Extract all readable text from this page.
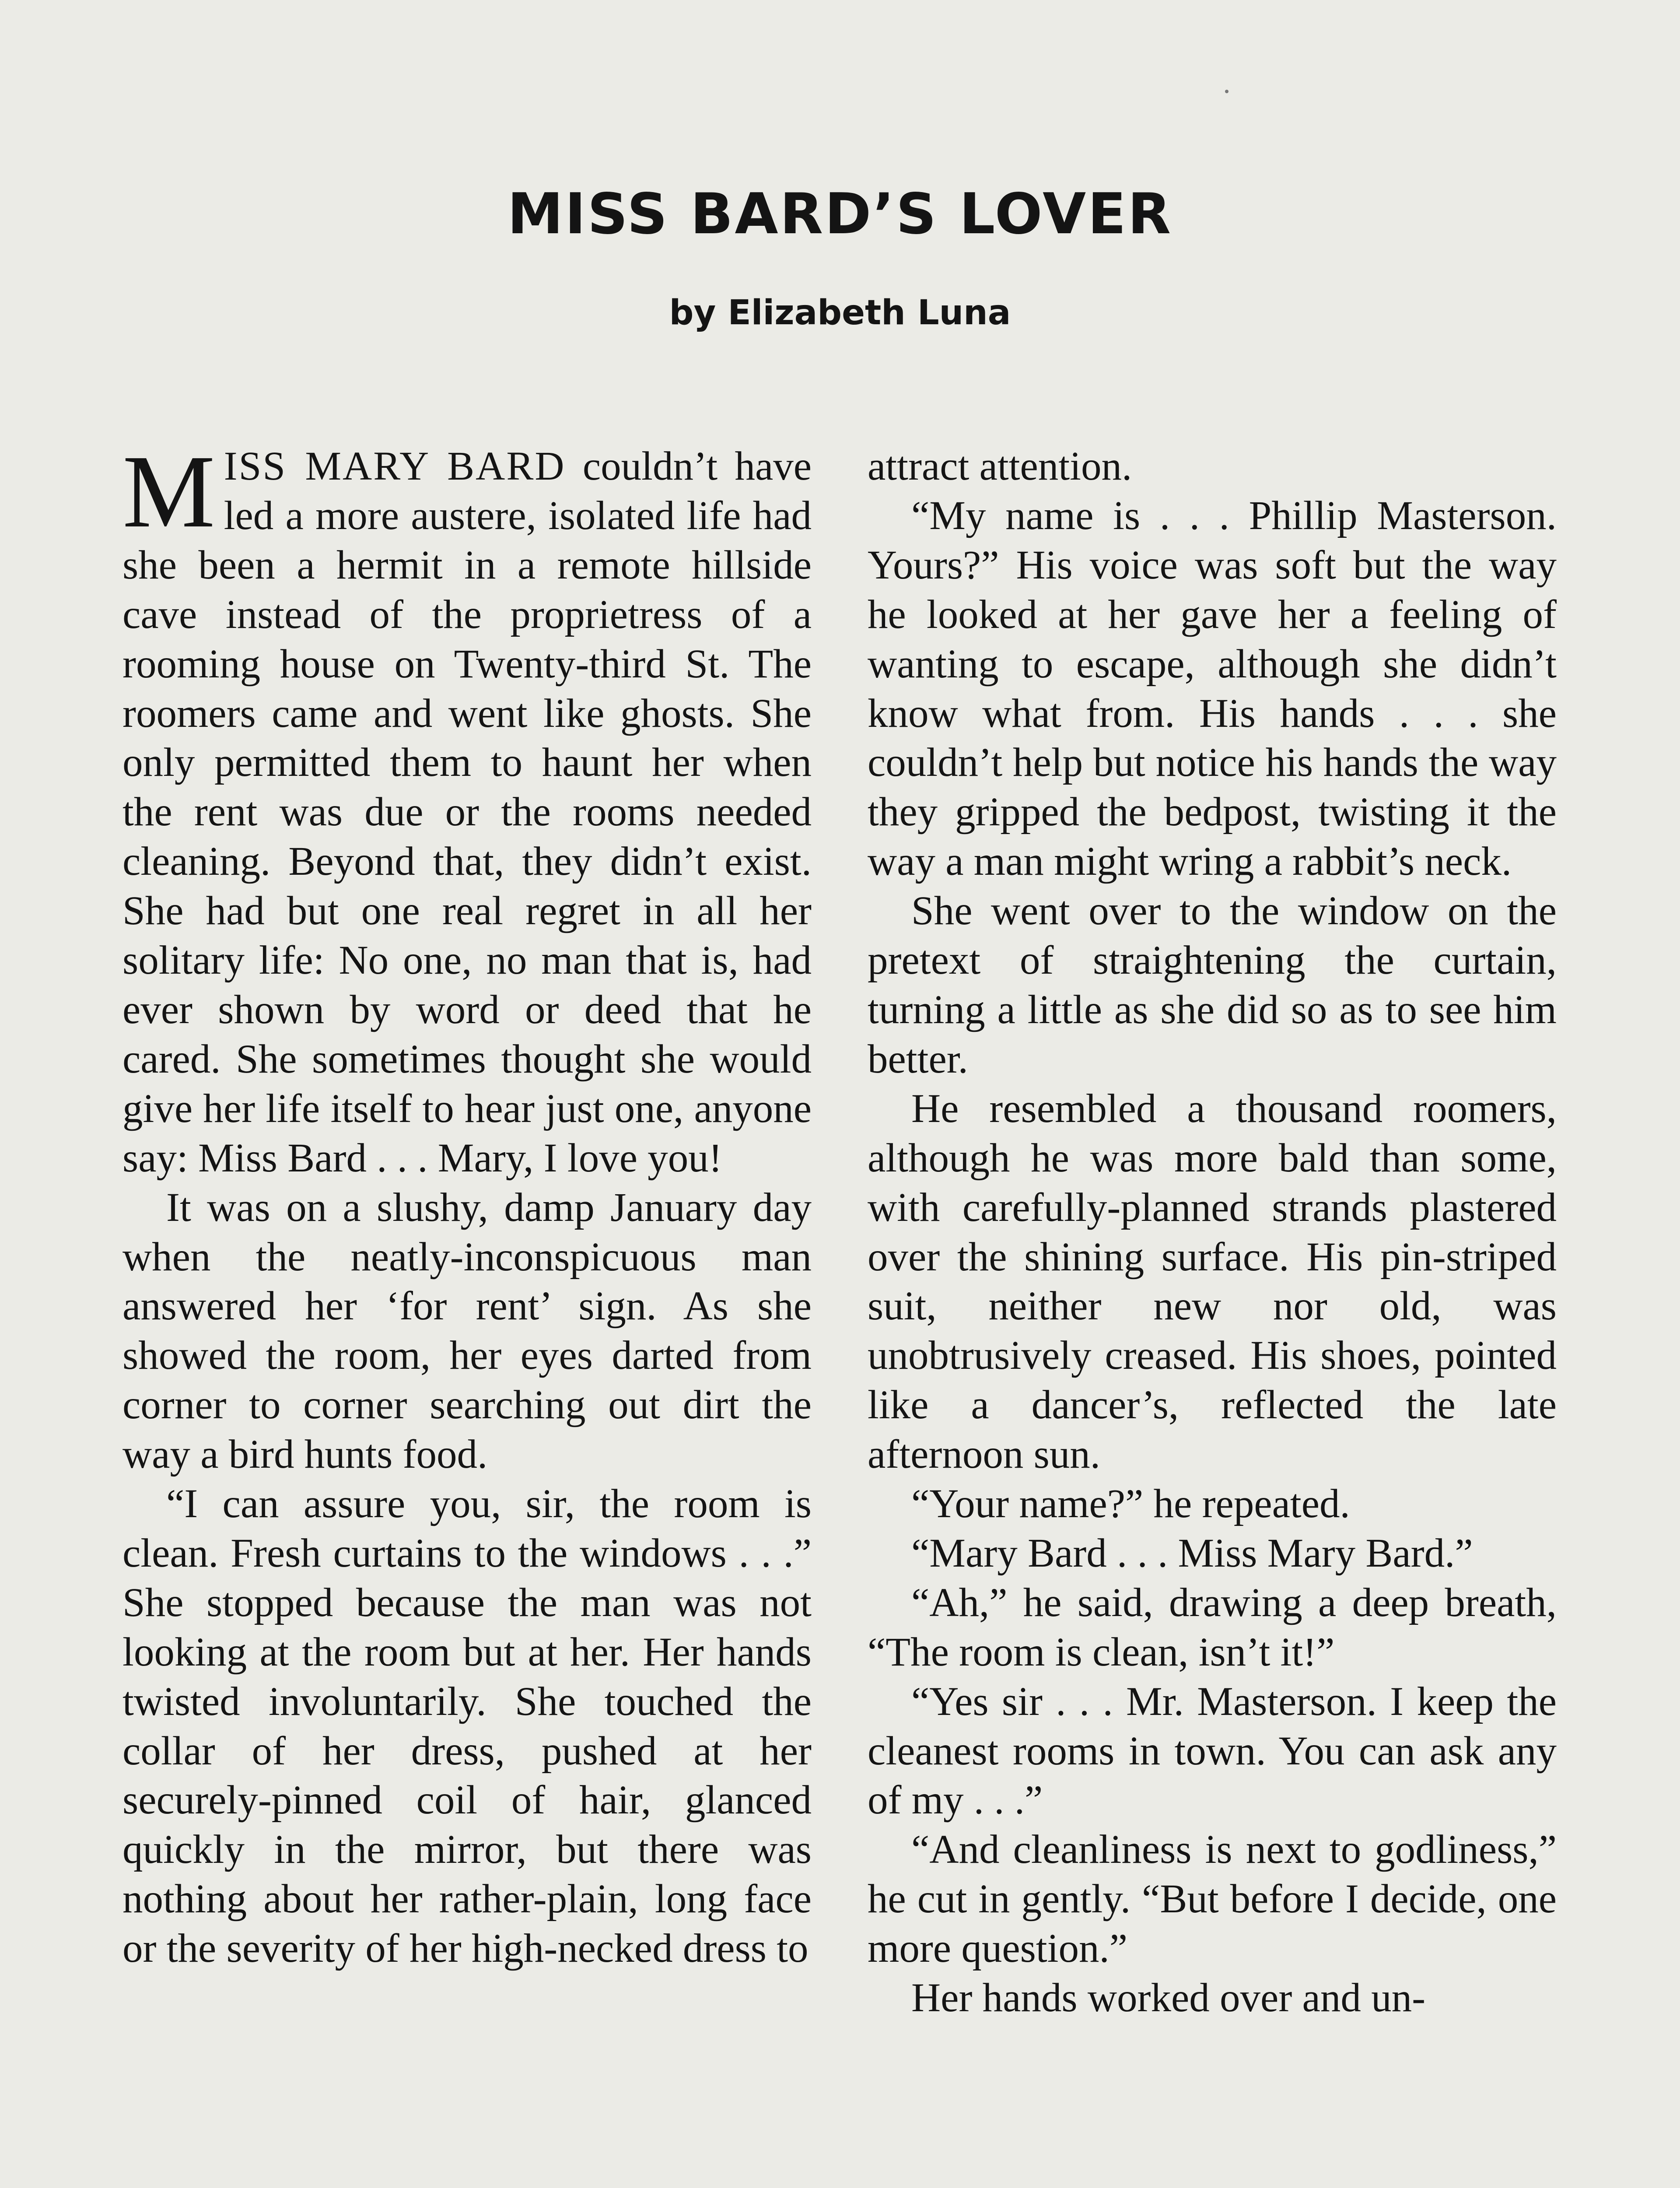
MISS BARD’S LOVER
by Elizabeth Luna

MISS MARY BARD couldn’t have led a more austere, isolated life had she been a hermit in a remote hillside cave instead of the proprietress of a rooming house on Twenty-third St. The roomers came and went like ghosts. She only permitted them to haunt her when the rent was due or the rooms needed cleaning. Beyond that, they didn’t exist. She had but one real regret in all her solitary life: No one, no man that is, had ever shown by word or deed that he cared. She sometimes thought she would give her life itself to hear just one, anyone say: Miss Bard . . . Mary, I love you!

It was on a slushy, damp January day when the neatly-inconspicuous man answered her ‘for rent’ sign. As she showed the room, her eyes darted from corner to corner searching out dirt the way a bird hunts food.

“I can assure you, sir, the room is clean. Fresh curtains to the windows . . .” She stopped because the man was not looking at the room but at her. Her hands twisted involuntarily. She touched the collar of her dress, pushed at her securely-pinned coil of hair, glanced quickly in the mirror, but there was nothing about her rather-plain, long face or the severity of her high-necked dress to

attract attention.

“My name is . . . Phillip Masterson. Yours?” His voice was soft but the way he looked at her gave her a feeling of wanting to escape, although she didn’t know what from. His hands . . . she couldn’t help but notice his hands the way they gripped the bedpost, twisting it the way a man might wring a rabbit’s neck.

She went over to the window on the pretext of straightening the curtain, turning a little as she did so as to see him better.

He resembled a thousand roomers, although he was more bald than some, with carefully-planned strands plastered over the shining surface. His pin-striped suit, neither new nor old, was unobtrusively creased. His shoes, pointed like a dancer’s, reflected the late afternoon sun.

“Your name?” he repeated.

“Mary Bard . . . Miss Mary Bard.”

“Ah,” he said, drawing a deep breath, “The room is clean, isn’t it!”

“Yes sir . . . Mr. Masterson. I keep the cleanest rooms in town. You can ask any of my . . .”

“And cleanliness is next to godliness,” he cut in gently. “But before I decide, one more question.”

Her hands worked over and un-
